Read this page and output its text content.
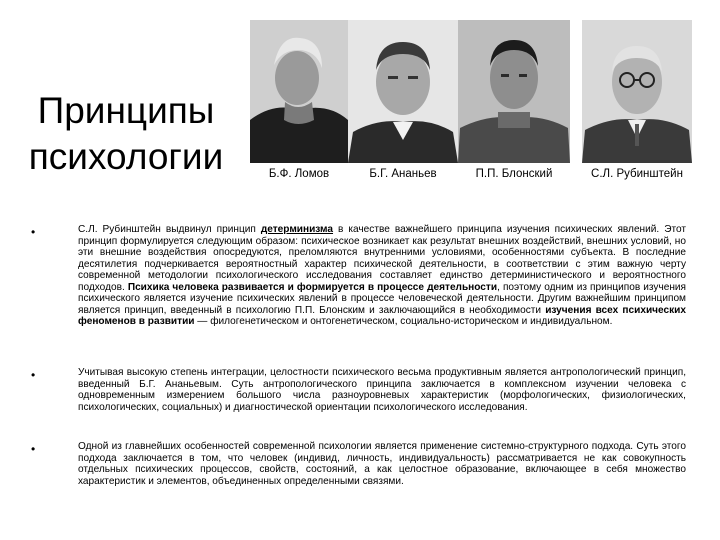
Принципы
психологии	Б.Ф. Ломов	Б.Г. Ананьев	П.П. Блонский	С.Л. Рубинштейн
•	С.Л. Рубинштейн выдвинул принцип детерминизма в качестве важнейшего принципа изучения психических явлений. Этот принцип формулируется следующим образом: психическое возникает как результат внешних воздействий, внешних условий, но эти внешние воздействия опосредуются, преломляются внутренними условиями, особенностями субъекта. В последние десятилетия подчеркивается вероятностный характер психической деятельности, в соответствии с этим важную черту современной методологии психологического исследования составляет единство детерминистического и вероятностного подходов. Психика человека развивается и формируется в процессе деятельности, поэтому одним из принципов изучения психического является изучение психических явлений в процессе человеческой деятельности. Другим важнейшим принципом является принцип, введенный в психологию П.П. Блонским и заключающийся в необходимости изучения всех психических феноменов в развитии — филогенетическом и онтогенетическом, социально-историческом и индивидуальном.
•	Учитывая высокую степень интеграции, целостности психического весьма продуктивным является антропологический принцип, введенный Б.Г. Ананьевым. Суть антропологического принципа заключается в комплексном изучении человека с одновременным измерением большого числа разноуровневых характеристик (морфологических, физиологических, психологических, социальных) и диагностической ориентации психологического исследования.
•	Одной из главнейших особенностей современной психологии является применение системно-структурного подхода. Суть этого подхода заключается в том, что человек (индивид, личность, индивидуальность) рассматривается не как совокупность отдельных психических процессов, свойств, состояний, а как целостное образование, включающее в себя множество характеристик и элементов, объединенных определенными связями.
